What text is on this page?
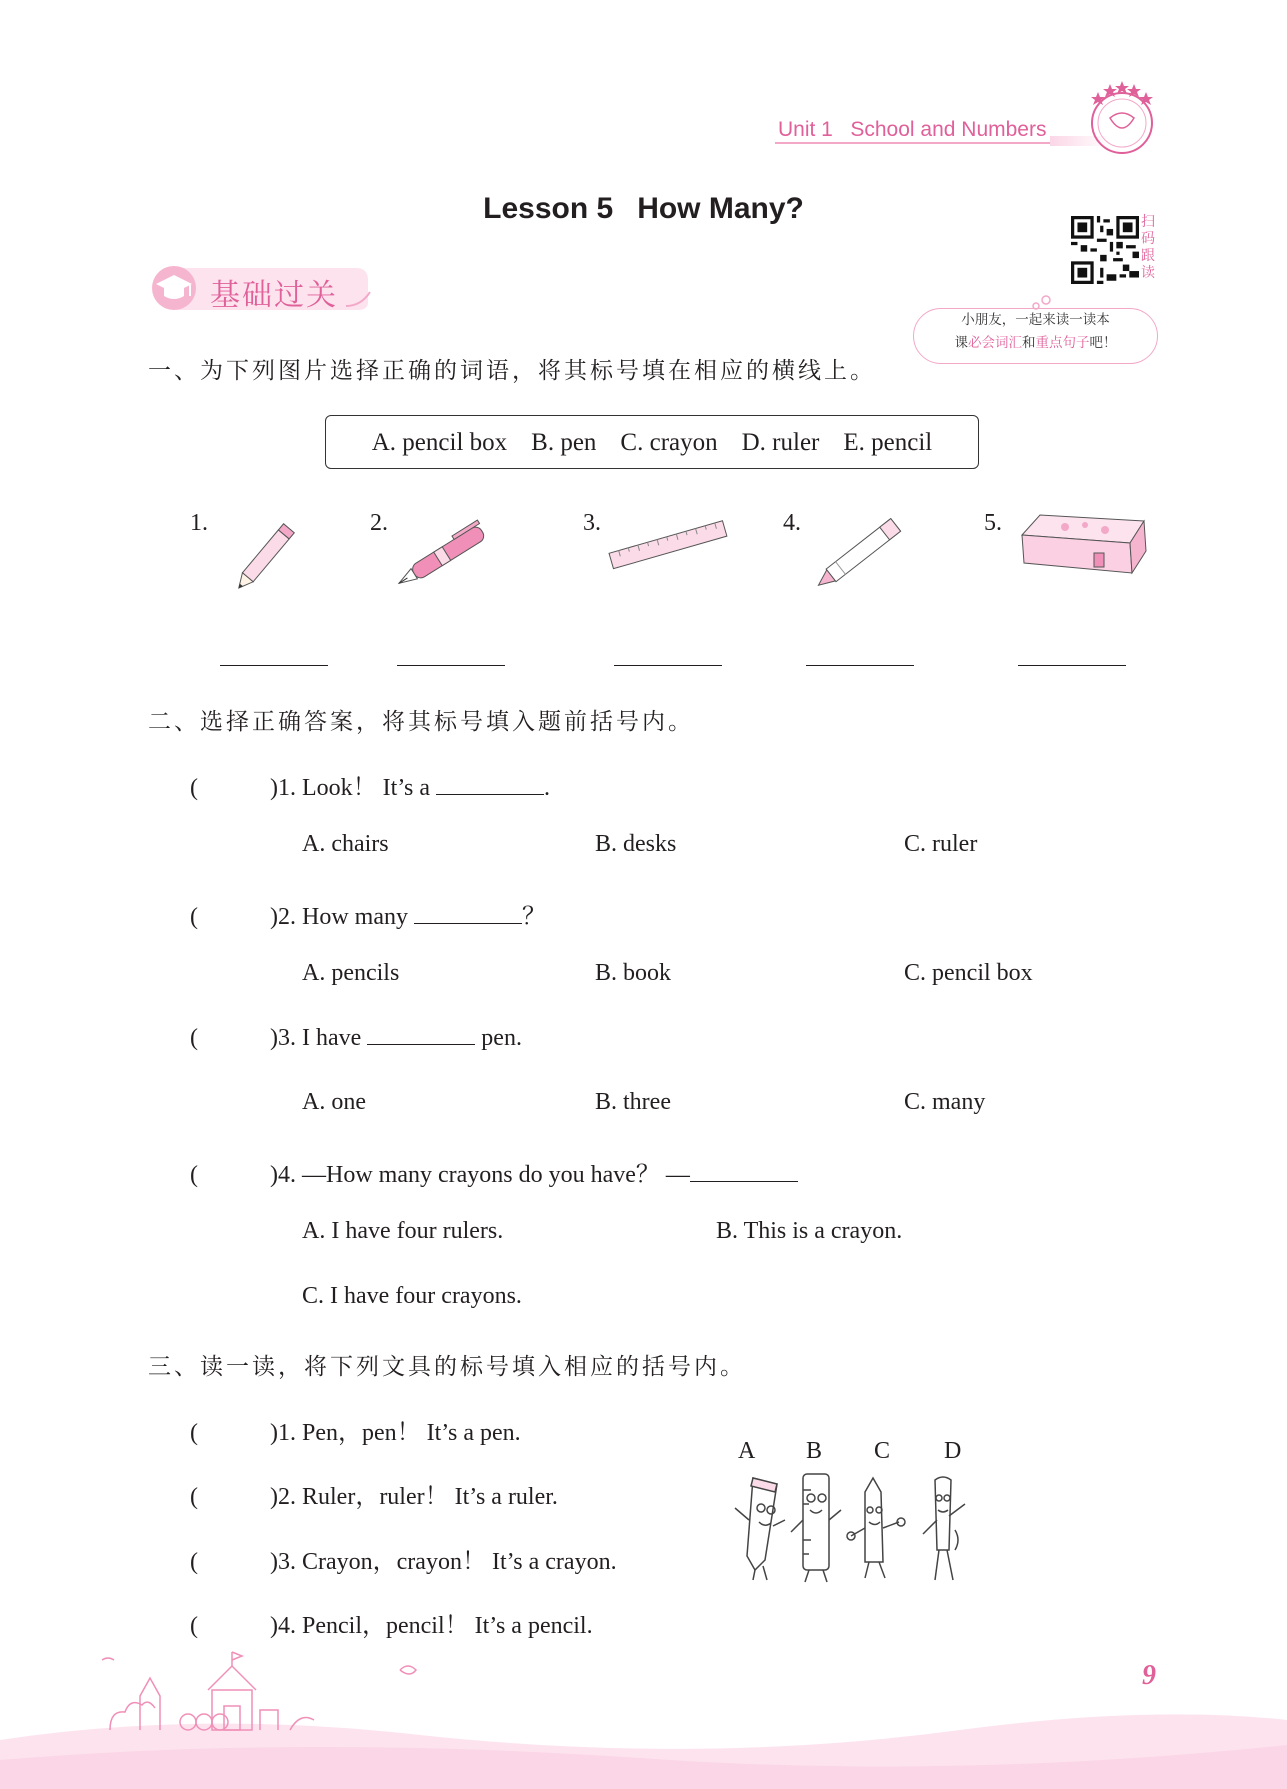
Unit 1 School and Numbers
Lesson 5 How Many?	扫码跟读
小朋友，一起来读一读本
课必会词汇和重点句子吧！
基础过关
一、为下列图片选择正确的词语，将其标号填在相应的横线上。
A. pencil box B. pen C. crayon D. ruler E. pencil
1.	2.	3.	4.	5.
二、选择正确答案，将其标号填入题前括号内。
(	)1. Look！ It’s a	.
A. chairs	B. desks	C. ruler
(	)2. How many	？
A. pencils	B. book	C. pencil box
(	)3. I have	pen.
A. one	B. three	C. many
(	)4. —How many crayons do you have？ —
A. I have four rulers.	B. This is a crayon.
C. I have four crayons.
三、读一读，将下列文具的标号填入相应的括号内。
(	)1. Pen，pen！ It’s a pen.
(	)2. Ruler，ruler！ It’s a ruler.
(	)3. Crayon，crayon！ It’s a crayon.
(	)4. Pencil，pencil！ It’s a pencil.
A B C D
9
